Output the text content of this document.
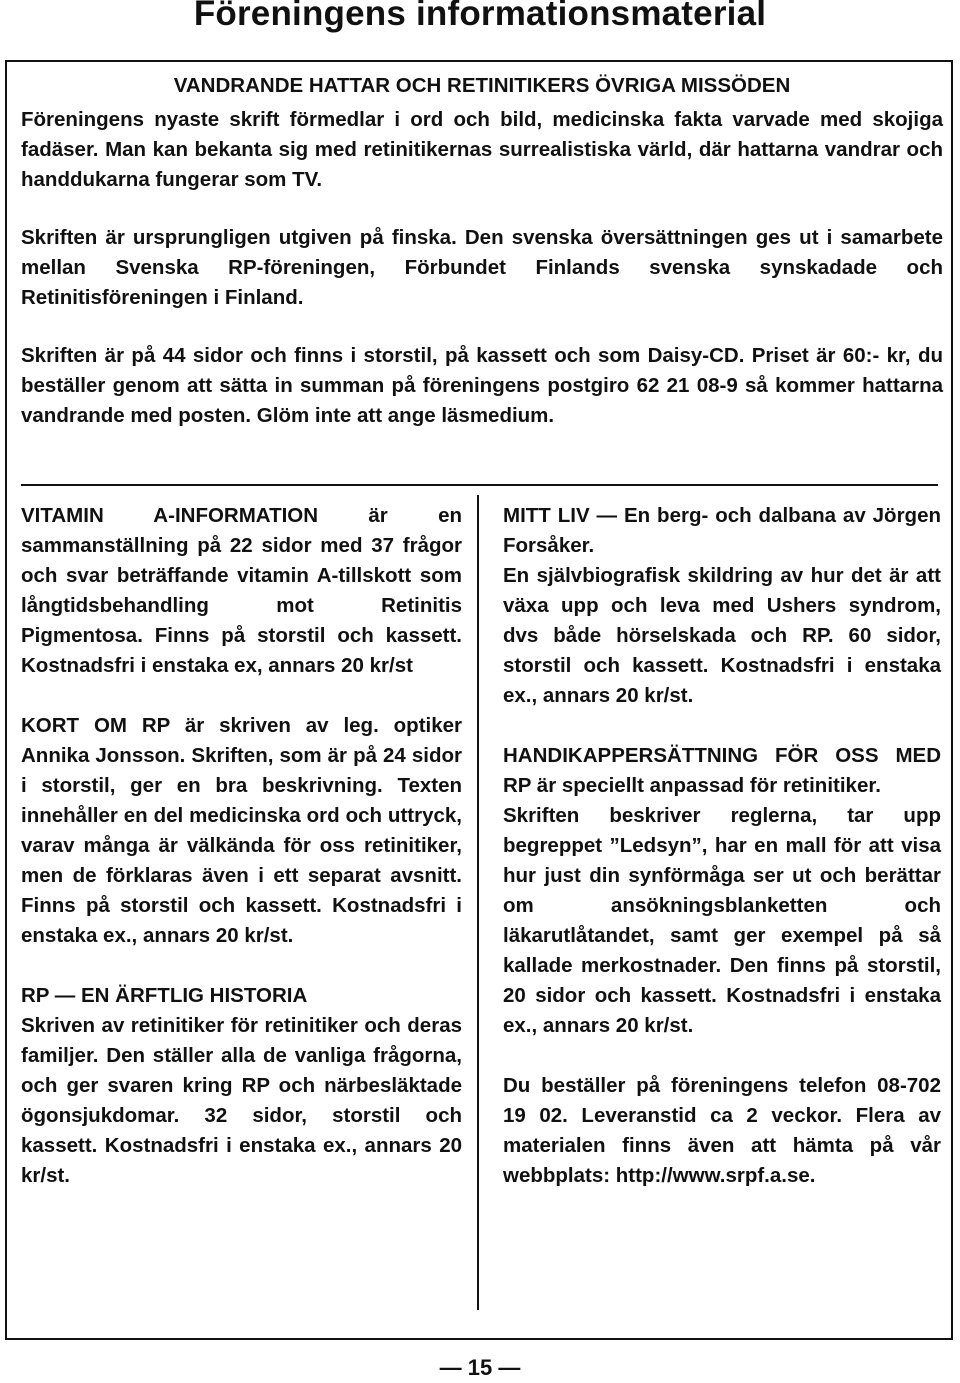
Föreningens informationsmaterial

VANDRANDE HATTAR OCH RETINITIKERS ÖVRIGA MISSÖDEN

Föreningens nyaste skrift förmedlar i ord och bild, medicinska fakta varvade med skojiga fadäser. Man kan bekanta sig med retinitikernas surrealistiska värld, där hattarna vandrar och handdukarna fungerar som TV.

Skriften är ursprungligen utgiven på finska. Den svenska översättningen ges ut i samarbete mellan Svenska RP-föreningen, Förbundet Finlands svenska synskadade och Retinitisföreningen i Finland.

Skriften är på 44 sidor och finns i storstil, på kassett och som Daisy-CD. Priset är 60:- kr, du beställer genom att sätta in summan på föreningens postgiro 62 21 08-9 så kommer hattarna vandrande med posten. Glöm inte att ange läsmedium.

VITAMIN A-INFORMATION är en sammanställning på 22 sidor med 37 frågor och svar beträffande vitamin A-tillskott som långtidsbehandling mot Retinitis Pigmentosa. Finns på storstil och kassett. Kostnadsfri i enstaka ex, annars 20 kr/st

KORT OM RP är skriven av leg. optiker Annika Jonsson. Skriften, som är på 24 sidor i storstil, ger en bra beskrivning. Texten innehåller en del medicinska ord och uttryck, varav många är välkända för oss retinitiker, men de förklaras även i ett separat avsnitt. Finns på storstil och kassett. Kostnadsfri i enstaka ex., annars 20 kr/st.

RP — EN ÄRFTLIG HISTORIA

Skriven av retinitiker för retinitiker och deras familjer. Den ställer alla de vanliga frågorna, och ger svaren kring RP och närbesläktade ögonsjukdomar. 32 sidor, storstil och kassett. Kostnadsfri i enstaka ex., annars 20 kr/st.

MITT LIV — En berg- och dalbana av Jörgen Forsåker.

En självbiografisk skildring av hur det är att växa upp och leva med Ushers syndrom, dvs både hörselskada och RP. 60 sidor, storstil och kassett. Kostnadsfri i enstaka ex., annars 20 kr/st.

HANDIKAPPERSÄTTNING FÖR OSS MED RP är speciellt anpassad för retinitiker.

Skriften beskriver reglerna, tar upp begreppet ”Ledsyn”, har en mall för att visa hur just din synförmåga ser ut och berättar om ansökningsblanketten och läkarutlåtandet, samt ger exempel på så kallade merkostnader. Den finns på storstil, 20 sidor och kassett. Kostnadsfri i enstaka ex., annars 20 kr/st.

Du beställer på föreningens telefon 08-702 19 02. Leveranstid ca 2 veckor. Flera av materialen finns även att hämta på vår webbplats: http://www.srpf.a.se.

— 15 —
